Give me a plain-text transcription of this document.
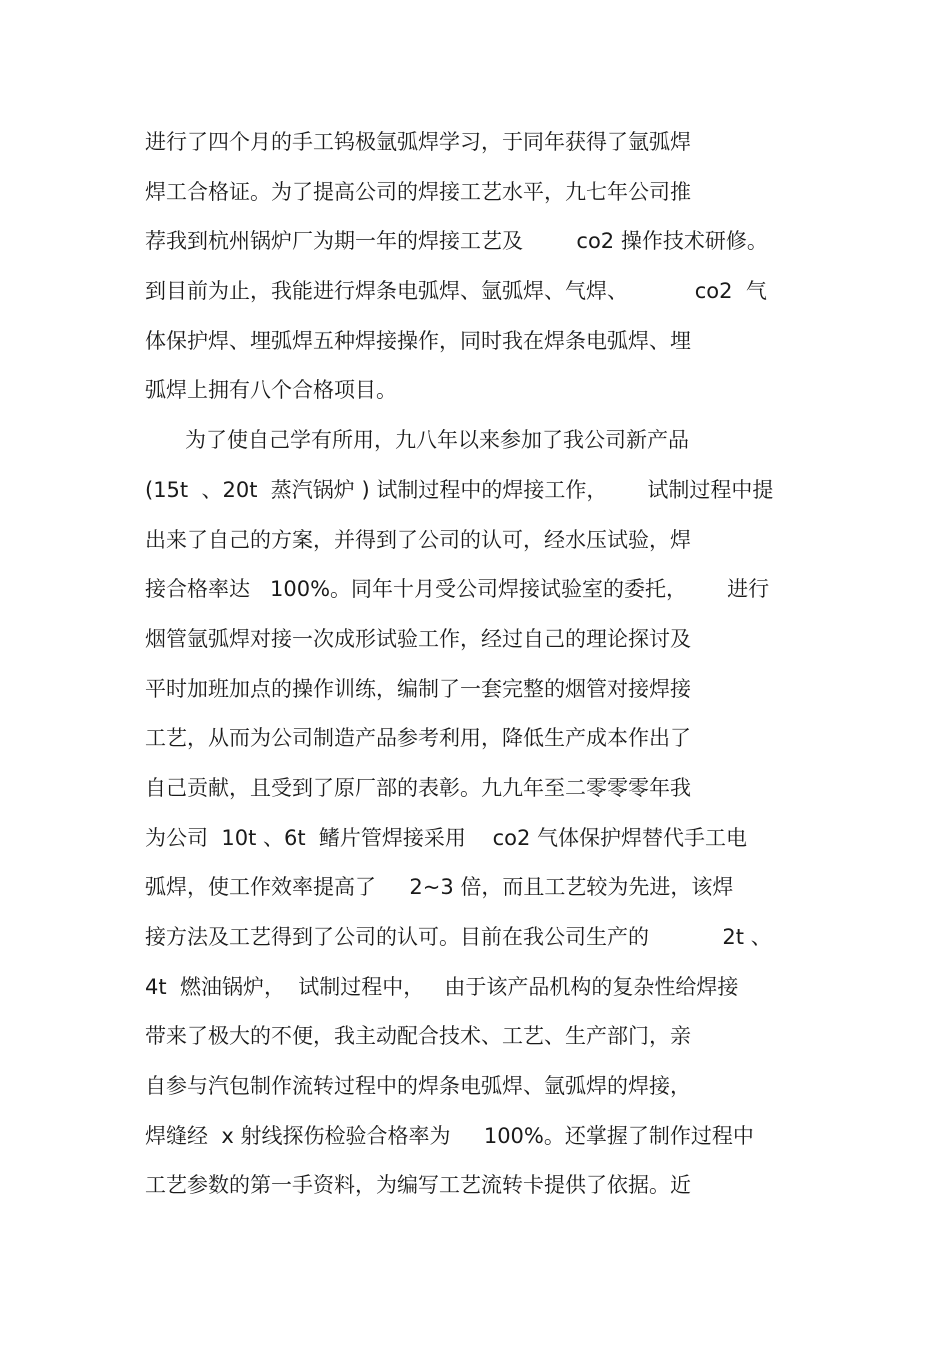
进行了四个月的手工钨极氩弧焊学习，于同年获得了氩弧焊
焊工合格证。为了提高公司的焊接工艺水平，九七年公司推
荐我到杭州锅炉厂为期一年的焊接工艺及        co2 操作技术研修。
到目前为止，我能进行焊条电弧焊、氩弧焊、气焊、          co2  气
体保护焊、埋弧焊五种焊接操作，同时我在焊条电弧焊、埋
弧焊上拥有八个合格项目。
为了使自己学有所用，九八年以来参加了我公司新产品
(15t  、20t  蒸汽锅炉 ) 试制过程中的焊接工作，      试制过程中提
出来了自己的方案，并得到了公司的认可，经水压试验，焊
接合格率达   100%。同年十月受公司焊接试验室的委托，      进行
烟管氩弧焊对接一次成形试验工作，经过自己的理论探讨及
平时加班加点的操作训练，编制了一套完整的烟管对接焊接
工艺，从而为公司制造产品参考利用，降低生产成本作出了
自己贡献，且受到了原厂部的表彰。九九年至二零零零年我
为公司  10t 、6t  鳍片管焊接采用    co2 气体保护焊替代手工电
弧焊，使工作效率提高了     2~3 倍，而且工艺较为先进，该焊
接方法及工艺得到了公司的认可。目前在我公司生产的           2t 、
4t  燃油锅炉，  试制过程中，   由于该产品机构的复杂性给焊接
带来了极大的不便，我主动配合技术、工艺、生产部门，亲
自参与汽包制作流转过程中的焊条电弧焊、氩弧焊的焊接，
焊缝经  x 射线探伤检验合格率为     100%。还掌握了制作过程中
工艺参数的第一手资料，为编写工艺流转卡提供了依据。近
